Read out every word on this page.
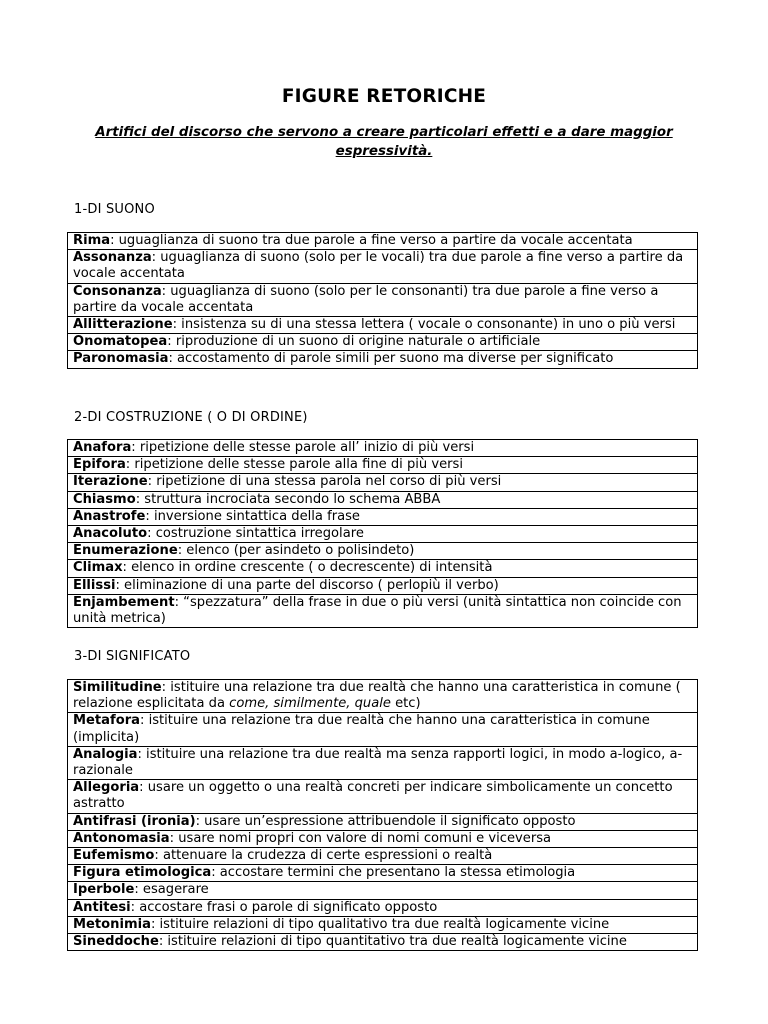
FIGURE RETORICHE

Artifici del discorso che servono a creare particolari effetti e a dare maggior espressività.

1-DI SUONO
Rima: uguaglianza di suono tra due parole a fine verso a partire da vocale accentata
Assonanza: uguaglianza di suono (solo per le vocali) tra due parole a fine verso a partire da vocale accentata
Consonanza: uguaglianza di suono (solo per le consonanti) tra due parole a fine verso a partire da vocale accentata
Allitterazione: insistenza su di una stessa lettera ( vocale o consonante) in uno o più versi
Onomatopea: riproduzione di un suono di origine naturale o artificiale
Paronomasia: accostamento di parole simili per suono ma diverse per significato
2-DI COSTRUZIONE ( O DI ORDINE)
Anafora: ripetizione delle stesse parole all’ inizio di più versi
Epifora: ripetizione delle stesse parole alla fine di più versi
Iterazione: ripetizione di una stessa parola nel corso di più versi
Chiasmo: struttura incrociata secondo lo schema ABBA
Anastrofe: inversione sintattica della frase
Anacoluto: costruzione sintattica irregolare
Enumerazione: elenco (per asindeto o polisindeto)
Climax: elenco in ordine crescente ( o decrescente) di intensità
Ellissi: eliminazione di una parte del discorso ( perlopiù il verbo)
Enjambement: “spezzatura” della frase in due o più versi (unità sintattica non coincide con unità metrica)
3-DI SIGNIFICATO
Similitudine: istituire una relazione tra due realtà che hanno una caratteristica in comune ( relazione esplicitata da come, similmente, quale etc)
Metafora: istituire una relazione tra due realtà che hanno una caratteristica in comune (implicita)
Analogia: istituire una relazione tra due realtà ma senza rapporti logici, in modo a-logico, a-razionale
Allegoria: usare un oggetto o una realtà concreti per indicare simbolicamente un concetto astratto
Antifrasi (ironia): usare un’espressione attribuendole il significato opposto
Antonomasia: usare nomi propri con valore di nomi comuni e viceversa
Eufemismo: attenuare la crudezza di certe espressioni o realtà
Figura etimologica: accostare termini che presentano la stessa etimologia
Iperbole: esagerare
Antitesi: accostare frasi o parole di significato opposto
Metonimia: istituire relazioni di tipo qualitativo tra due realtà logicamente vicine
Sineddoche: istituire relazioni di tipo quantitativo tra due realtà logicamente vicine
